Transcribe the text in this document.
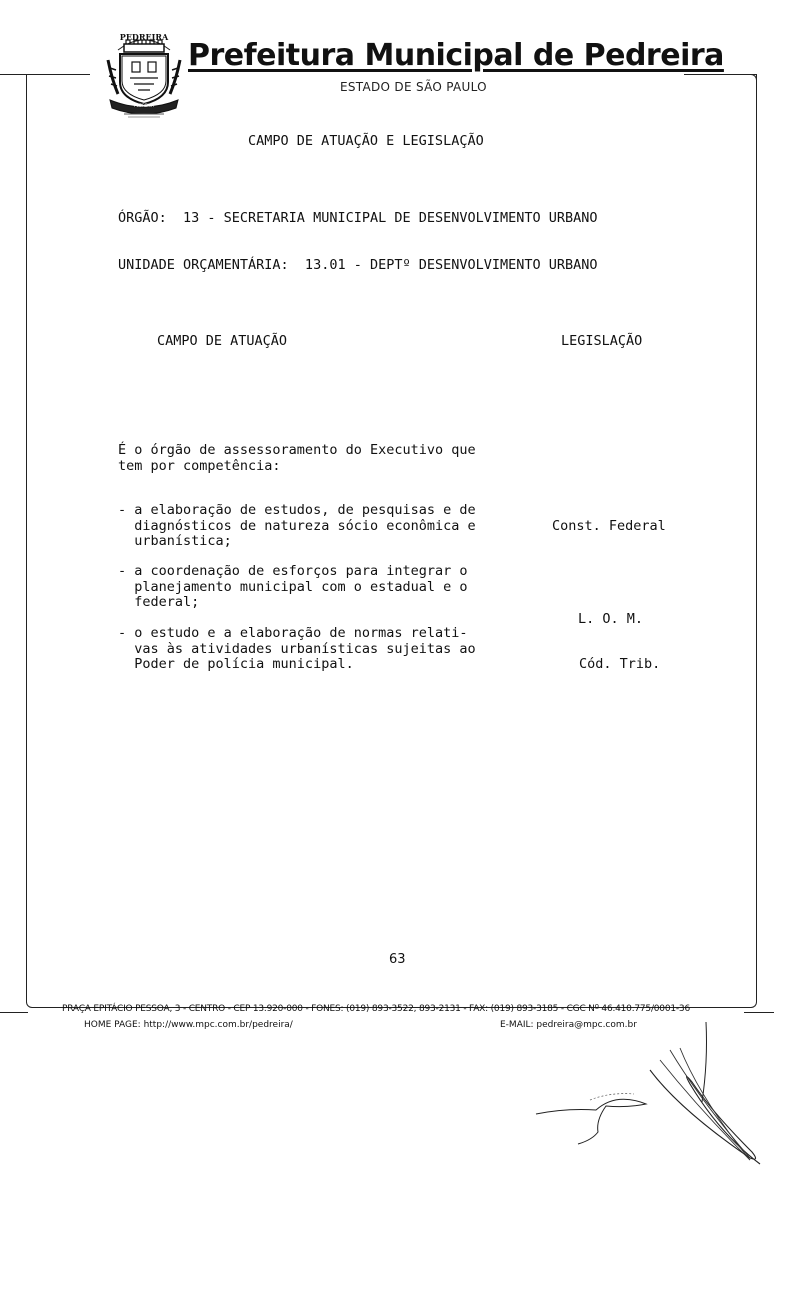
PEDREIRA
PEDREIRA
Prefeitura Municipal de Pedreira
ESTADO DE SÃO PAULO
CAMPO DE ATUAÇÃO E LEGISLAÇÃO
ÓRGÃO:  13 - SECRETARIA MUNICIPAL DE DESENVOLVIMENTO URBANO
UNIDADE ORÇAMENTÁRIA:  13.01 - DEPTº DESENVOLVIMENTO URBANO
CAMPO DE ATUAÇÃO	LEGISLAÇÃO
É o órgão de assessoramento do Executivo que
tem por competência:
- a elaboração de estudos, de pesquisas e de
diagnósticos de natureza sócio econômica e
urbanística;
- a coordenação de esforços para integrar o
planejamento municipal com o estadual e o
federal;
- o estudo e a elaboração de normas relati-
vas às atividades urbanísticas sujeitas ao
Poder de polícia municipal.
Const. Federal
L. O. M.
Cód. Trib.
63
PRAÇA EPITÁCIO PESSOA, 3 - CENTRO - CEP 13.920-000 - FONES: (019) 893-3522, 893-2131 - FAX: (019) 893-3185 - CGC Nº 46.410.775/0001-36
HOME PAGE: http://www.mpc.com.br/pedreira/	E-MAIL: pedreira@mpc.com.br
